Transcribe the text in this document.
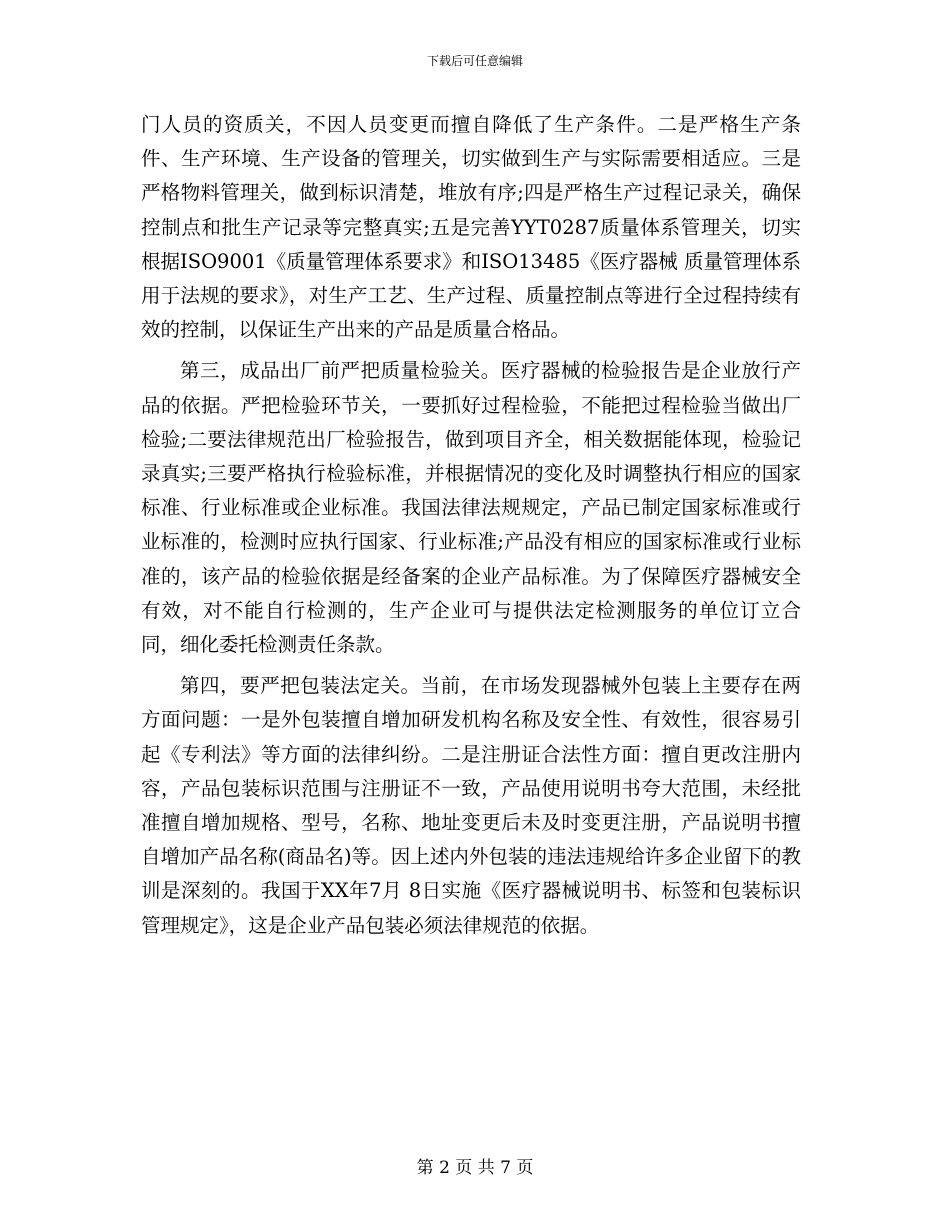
下载后可任意编辑

门人员的资质关，不因人员变更而擅自降低了生产条件。二是严格生产条件、生产环境、生产设备的管理关，切实做到生产与实际需要相适应。三是严格物料管理关，做到标识清楚，堆放有序;四是严格生产过程记录关，确保控制点和批生产记录等完整真实;五是完善YYT0287质量体系管理关，切实根据ISO9001《质量管理体系要求》和ISO13485《医疗器械 质量管理体系用于法规的要求》，对生产工艺、生产过程、质量控制点等进行全过程持续有效的控制，以保证生产出来的产品是质量合格品。

第三，成品出厂前严把质量检验关。医疗器械的检验报告是企业放行产品的依据。严把检验环节关，一要抓好过程检验，不能把过程检验当做出厂检验;二要法律规范出厂检验报告，做到项目齐全，相关数据能体现，检验记录真实;三要严格执行检验标准，并根据情况的变化及时调整执行相应的国家标准、行业标准或企业标准。我国法律法规规定，产品已制定国家标准或行业标准的，检测时应执行国家、行业标准;产品没有相应的国家标准或行业标准的，该产品的检验依据是经备案的企业产品标准。为了保障医疗器械安全有效，对不能自行检测的，生产企业可与提供法定检测服务的单位订立合同，细化委托检测责任条款。

第四，要严把包装法定关。当前，在市场发现器械外包装上主要存在两方面问题：一是外包装擅自增加研发机构名称及安全性、有效性，很容易引起《专利法》等方面的法律纠纷。二是注册证合法性方面：擅自更改注册内容，产品包装标识范围与注册证不一致，产品使用说明书夸大范围，未经批准擅自增加规格、型号，名称、地址变更后未及时变更注册，产品说明书擅自增加产品名称(商品名)等。因上述内外包装的违法违规给许多企业留下的教训是深刻的。我国于XX年7月 8日实施《医疗器械说明书、标签和包装标识管理规定》，这是企业产品包装必须法律规范的依据。

第 2 页 共 7 页
